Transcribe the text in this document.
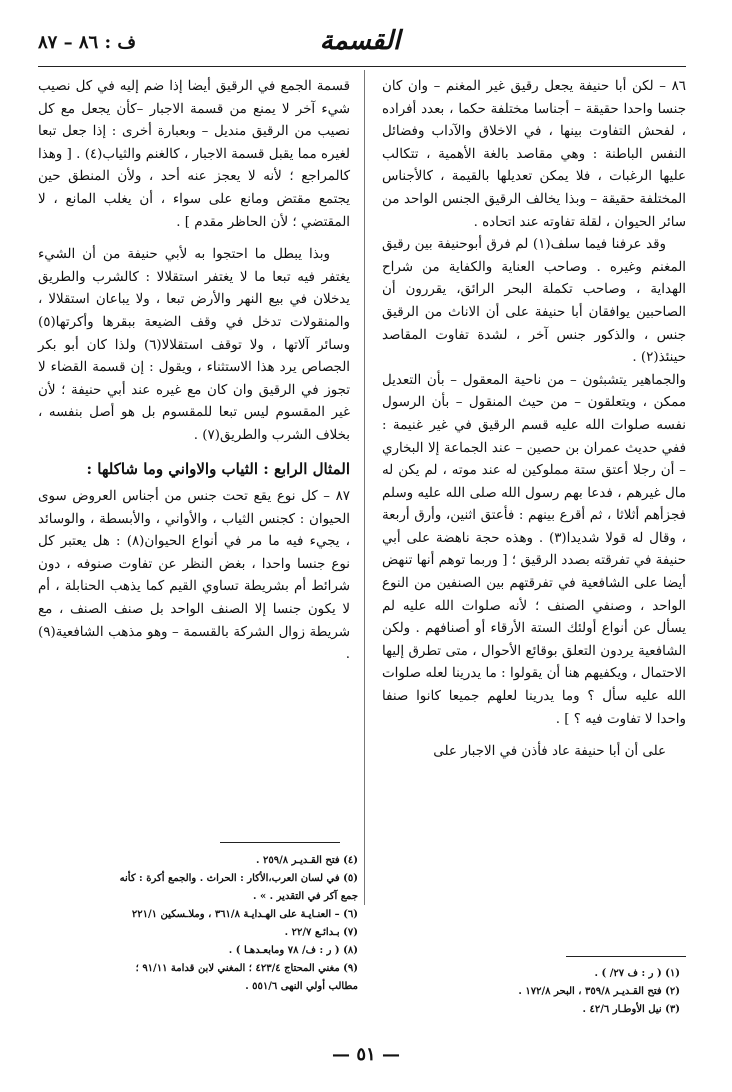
ف : ٨٦ – ٨٧	القسمة

٨٦ – لكن أبا حنيفة يجعل رقيق غير المغنم – وان كان جنسا واحدا حقيقة – أجناسا مختلفة حكما ، بعدد أفراده ، لفحش التفاوت بينها ، في الاخلاق والآداب وفضائل النفس الباطنة : وهي مقاصد بالغة الأهمية ، تتكالب عليها الرغبات ، فلا يمكن تعديلها بالقيمة ، كالأجناس المختلفة حقيقة – وبذا يخالف الرقيق الجنس الواحد من سائر الحيوان ، لقلة تفاوته عند اتحاده .

وقد عرفنا فيما سلف(١) لم فرق أبوحنيفة بين رقيق المغنم وغيره . وصاحب العناية والكفاية من شراح الهداية ، وصاحب تكملة البحر الرائق، يقررون أن الصاحبين يوافقان أبا حنيفة على أن الاناث من الرقيق جنس ، والذكور جنس آخر ، لشدة تفاوت المقاصد حينئذ(٢) .

والجماهير يتشبثون – من ناحية المعقول – بأن التعديل ممكن ، ويتعلقون – من حيث المنقول – بأن الرسول نفسه صلوات الله عليه قسم الرقيق في غير غنيمة : ففي حديث عمران بن حصين – عند الجماعة إلا البخاري – أن رجلا أعتق ستة مملوكين له عند موته ، لم يكن له مال غيرهم ، فدعا بهم رسول الله صلى الله عليه وسلم فجزأهم أثلاثا ، ثم أقرع بينهم : فأعتق اثنين، وأرق أربعة ، وقال له قولا شديدا(٣) . وهذه حجة ناهضة على أبي حنيفة في تفرقته بصدد الرقيق ؛ [ وربما توهم أنها تنهض أيضا على الشافعية في تفرقتهم بين الصنفين من النوع الواحد ، وصنفي الصنف ؛ لأنه صلوات الله عليه لم يسأل عن أنواع أولئك الستة الأرقاء أو أصنافهم . ولكن الشافعية يردون التعلق بوقائع الأحوال ، متى تطرق إليها الاحتمال ، ويكفيهم هنا أن يقولوا : ما يدرينا لعله صلوات الله عليه سأل ؟ وما يدرينا لعلهم جميعا كانوا صنفا واحدا لا تفاوت فيه ؟ ] .

على أن أبا حنيفة عاد فأذن في الاجبار على

قسمة الجمع في الرقيق أيضا إذا ضم إليه في كل نصيب شيء آخر لا يمنع من قسمة الاجبار –كأن يجعل مع كل نصيب من الرقيق منديل – وبعبارة أخرى : إذا جعل تبعا لغيره مما يقبل قسمة الاجبار ، كالغنم والثياب(٤) . [ وهذا كالمراجع ؛ لأنه لا يعجز عنه أحد ، ولأن المنطق حين يجتمع مقتض ومانع على سواء ، أن يغلب المانع ، لا المقتضي ؛ لأن الحاظر مقدم ] .

وبذا يبطل ما احتجوا به لأبي حنيفة من أن الشيء يغتفر فيه تبعا ما لا يغتفر استقلالا : كالشرب والطريق يدخلان في بيع النهر والأرض تبعا ، ولا يباعان استقلالا ، والمنقولات تدخل في وقف الضيعة ببقرها وأكرتها(٥) وسائر آلاتها ، ولا توقف استقلالا(٦) ولذا كان أبو بكر الجصاص يرد هذا الاستثناء ، ويقول : إن قسمة القضاء لا تجوز في الرقيق وان كان مع غيره عند أبي حنيفة ؛ لأن غير المقسوم ليس تبعا للمقسوم بل هو أصل بنفسه ، بخلاف الشرب والطريق(٧) .

المثال الرابع : الثياب والاواني وما شاكلها :

٨٧ – كل نوع يقع تحت جنس من أجناس العروض سوى الحيوان : كجنس الثياب ، والأواني ، والأبسطة ، والوسائد ، يجيء فيه ما مر في أنواع الحيوان(٨) : هل يعتبر كل نوع جنسا واحدا ، بغض النظر عن تفاوت صنوفه ، دون شرائط أم بشريطة تساوي القيم كما يذهب الحنابلة ، أم لا يكون جنسا إلا الصنف الواحد بل صنف الصنف ، مع شريطة زوال الشركة بالقسمة – وهو مذهب الشافعية(٩) .

(٤) فتح القـديـر ٢٥٩/٨ .

(٥) في لسان العرب،الأكار : الحراث . والجمع أكرة : كأنه

جمع آكر في التقدير . » .

(٦) – العنـايـة على الهـدايـة ٣٦١/٨ ، وملاـسكين ٢٢١/١

(٧) بـدائـع ٢٢/٧ .

(٨) ( ر : ف/ ٧٨ ومابعـدهـا ) .

(٩) مغني المحتاج ٤٢٣/٤ ؛ المغني لابن قدامة ٩١/١١ ؛

مطالب أولي النهى ٥٥١/٦ .

(١) ( ر : ف ٢٧/ ) .

(٢) فتح القـديـر ٣٥٩/٨ ، البحر ١٧٢/٨ .

(٣) نيل الأوطـار ٤٢/٦ .

— ٥١ —
